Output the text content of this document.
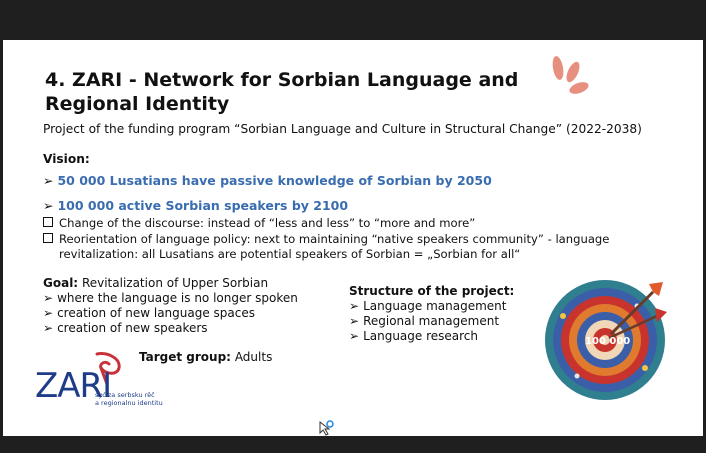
4. ZARI - Network for Sorbian Language and
Regional Identity
Project of the funding program “Sorbian Language and Culture in Structural Change” (2022-2038)
Vision:
➢ 50 000 Lusatians have passive knowledge of Sorbian by 2050
➢ 100 000 active Sorbian speakers by 2100
Change of the discourse: instead of “less and less” to “more and more”
Reorientation of language policy: next to maintaining “native speakers community” - language
revitalization: all Lusatians are potential speakers of Sorbian = „Sorbian for all“
Goal: Revitalization of Upper Sorbian
➢ where the language is no longer spoken
➢ creation of new language spaces
➢ creation of new speakers
Structure of the project:
➢ Language management
➢ Regional management
➢ Language research
Target group: Adults
ZARI
syć za serbsku rěč
a regionalnu identitu
100 000
